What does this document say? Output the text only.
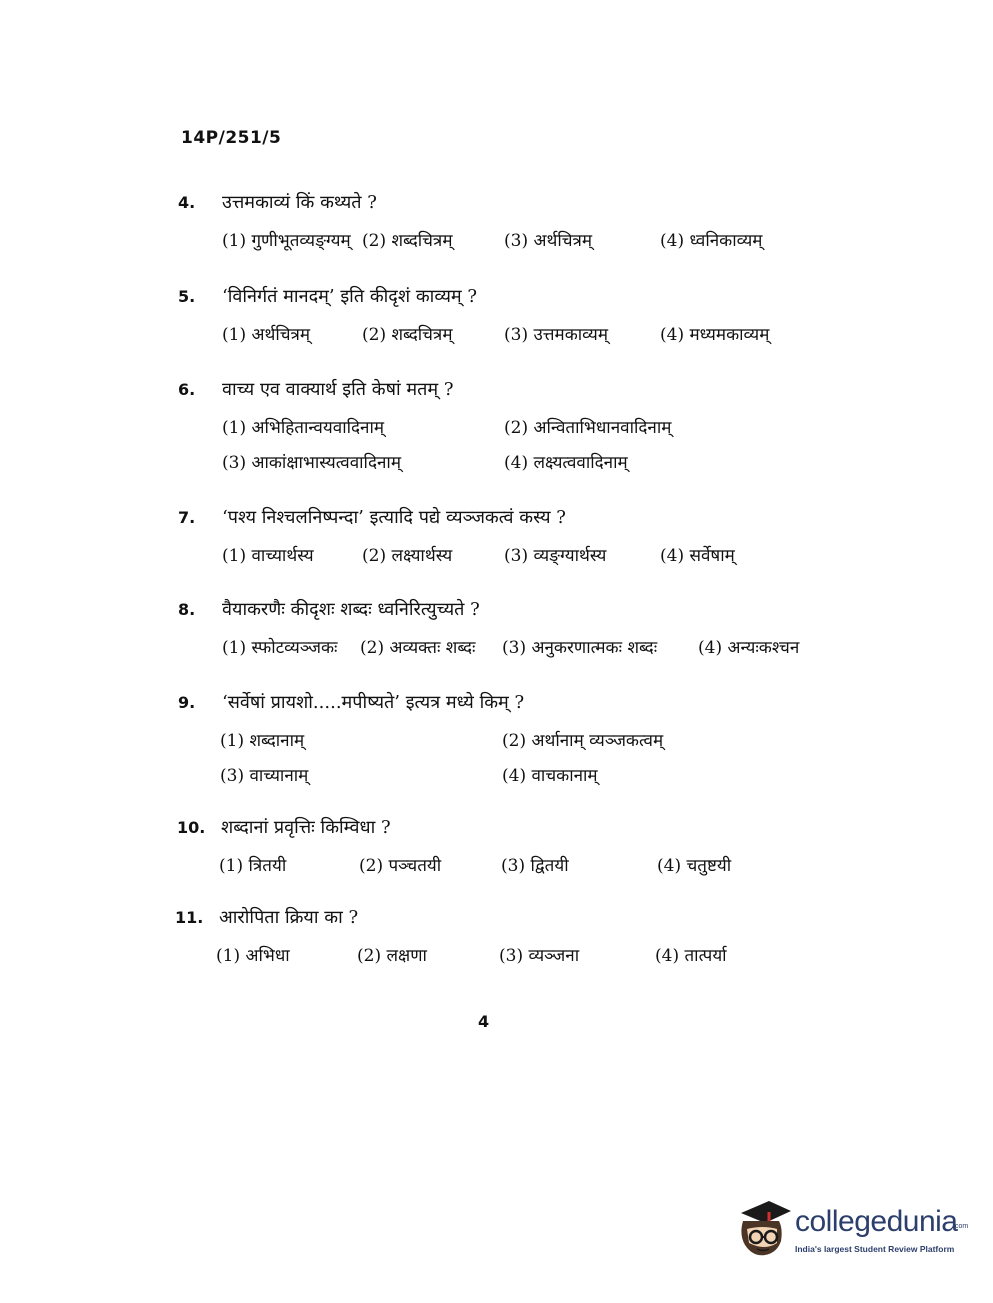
14P/251/5
4.	उत्तमकाव्यं किं कथ्यते ?
(1) गुणीभूतव्यङ्ग्यम् (2) शब्दचित्रम्	(3) अर्थचित्रम्	(4) ध्वनिकाव्यम्
5.	‘विनिर्गतं मानदम्’ इति कीदृशं काव्यम् ?
(1) अर्थचित्रम्	(2) शब्दचित्रम्	(3) उत्तमकाव्यम्	(4) मध्यमकाव्यम्
6.	वाच्य एव वाक्यार्थ इति केषां मतम् ?
(1) अभिहितान्वयवादिनाम्	(2) अन्विताभिधानवादिनाम्
(3) आकांक्षाभास्यत्ववादिनाम्	(4) लक्ष्यत्ववादिनाम्
7.	‘पश्य निश्चलनिष्पन्दा’ इत्यादि पद्ये व्यञ्जकत्वं कस्य ?
(1) वाच्यार्थस्य	(2) लक्ष्यार्थस्य	(3) व्यङ्ग्यार्थस्य	(4) सर्वेषाम्
8.	वैयाकरणैः कीदृशः शब्दः ध्वनिरित्युच्यते ?
(1) स्फोटव्यञ्जकः (2) अव्यक्तः शब्दः (3) अनुकरणात्मकः शब्दः (4) अन्यःकश्चन
9.	‘सर्वेषां प्रायशो.....मपीष्यते’ इत्यत्र मध्ये किम् ?
(1) शब्दानाम्	(2) अर्थानाम् व्यञ्जकत्वम्
(3) वाच्यानाम्	(4) वाचकानाम्
10. शब्दानां प्रवृत्तिः किम्विधा ?
(1) त्रितयी	(2) पञ्चतयी	(3) द्वितयी	(4) चतुष्टयी
11. आरोपिता क्रिया का ?
(1) अभिधा	(2) लक्षणा	(3) व्यञ्जना	(4) तात्पर्या
4
collegedunia
.com
India's largest Student Review Platform
